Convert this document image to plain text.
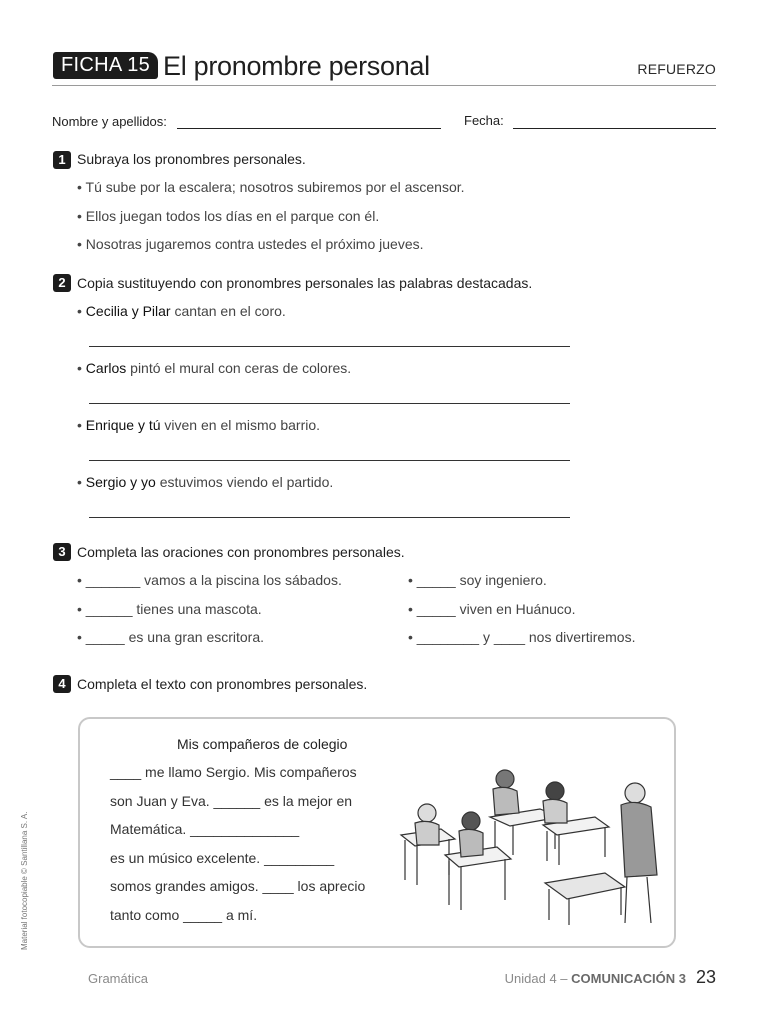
FICHA 15 El pronombre personal	REFUERZO
Nombre y apellidos:	Fecha:
1 Subraya los pronombres personales.
• Tú sube por la escalera; nosotros subiremos por el ascensor.
• Ellos juegan todos los días en el parque con él.
• Nosotras jugaremos contra ustedes el próximo jueves.
2 Copia sustituyendo con pronombres personales las palabras destacadas.
• Cecilia y Pilar cantan en el coro.
• Carlos pintó el mural con ceras de colores.
• Enrique y tú viven en el mismo barrio.
• Sergio y yo estuvimos viendo el partido.
3 Completa las oraciones con pronombres personales.
• _______ vamos a la piscina los sábados.
• ______ tienes una mascota.
• _____ es una gran escritora.
• _____ soy ingeniero.
• _____ viven en Huánuco.
• ________ y ____ nos divertiremos.
4 Completa el texto con pronombres personales.
Mis compañeros de colegio
____ me llamo Sergio. Mis compañeros
son Juan y Eva. ______ es la mejor en
Matemática. ______________
es un músico excelente. _________
somos grandes amigos. ____ los aprecio
tanto como _____ a mí.
Gramática	Unidad 4 – COMUNICACIÓN 3 23
Material fotocopiable © Santillana S. A.
